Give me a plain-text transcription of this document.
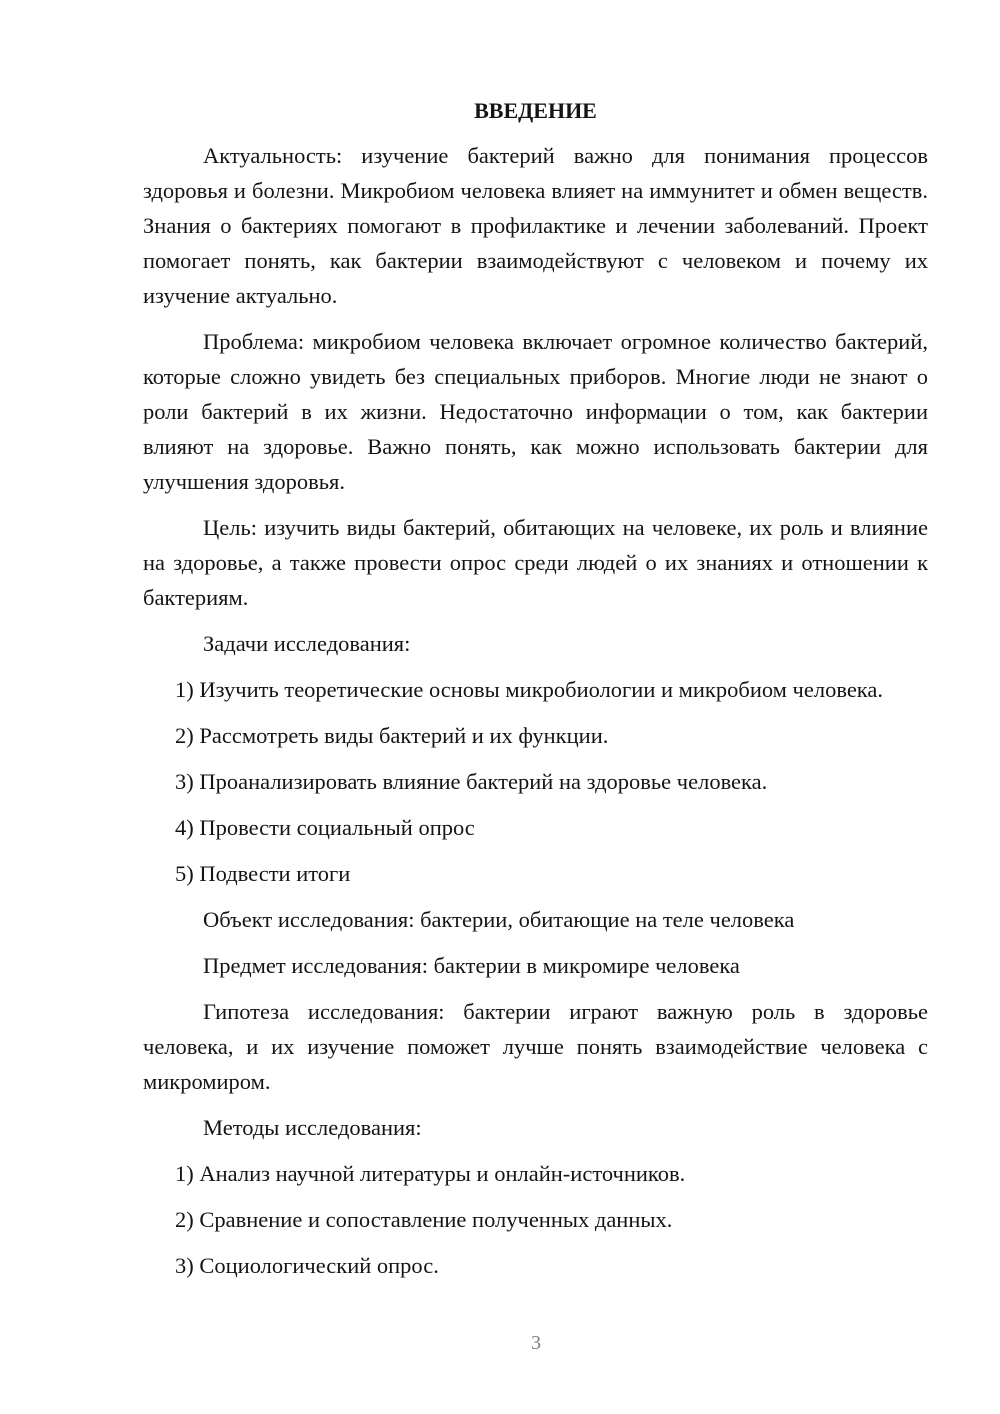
ВВЕДЕНИЕ

Актуальность: изучение бактерий важно для понимания процессов здоровья и болезни. Микробиом человека влияет на иммунитет и обмен веществ. Знания о бактериях помогают в профилактике и лечении заболеваний. Проект помогает понять, как бактерии взаимодействуют с человеком и почему их изучение актуально.

Проблема: микробиом человека включает огромное количество бактерий, которые сложно увидеть без специальных приборов. Многие люди не знают о роли бактерий в их жизни. Недостаточно информации о том, как бактерии влияют на здоровье. Важно понять, как можно использовать бактерии для улучшения здоровья.

Цель: изучить виды бактерий, обитающих на человеке, их роль и влияние на здоровье, а также провести опрос среди людей о их знаниях и отношении к бактериям.

Задачи исследования:

1) Изучить теоретические основы микробиологии и микробиом человека.

2) Рассмотреть виды бактерий и их функции.
3) Проанализировать влияние бактерий на здоровье человека.
4) Провести социальный опрос
5) Подвести итоги
Объект исследования: бактерии, обитающие на теле человека
Предмет исследования: бактерии в микромире человека

Гипотеза исследования: бактерии играют важную роль в здоровье человека, и их изучение поможет лучше понять взаимодействие человека с микромиром.

Методы исследования:
1) Анализ научной литературы и онлайн-источников.
2) Сравнение и сопоставление полученных данных.
3) Социологический опрос.
3
